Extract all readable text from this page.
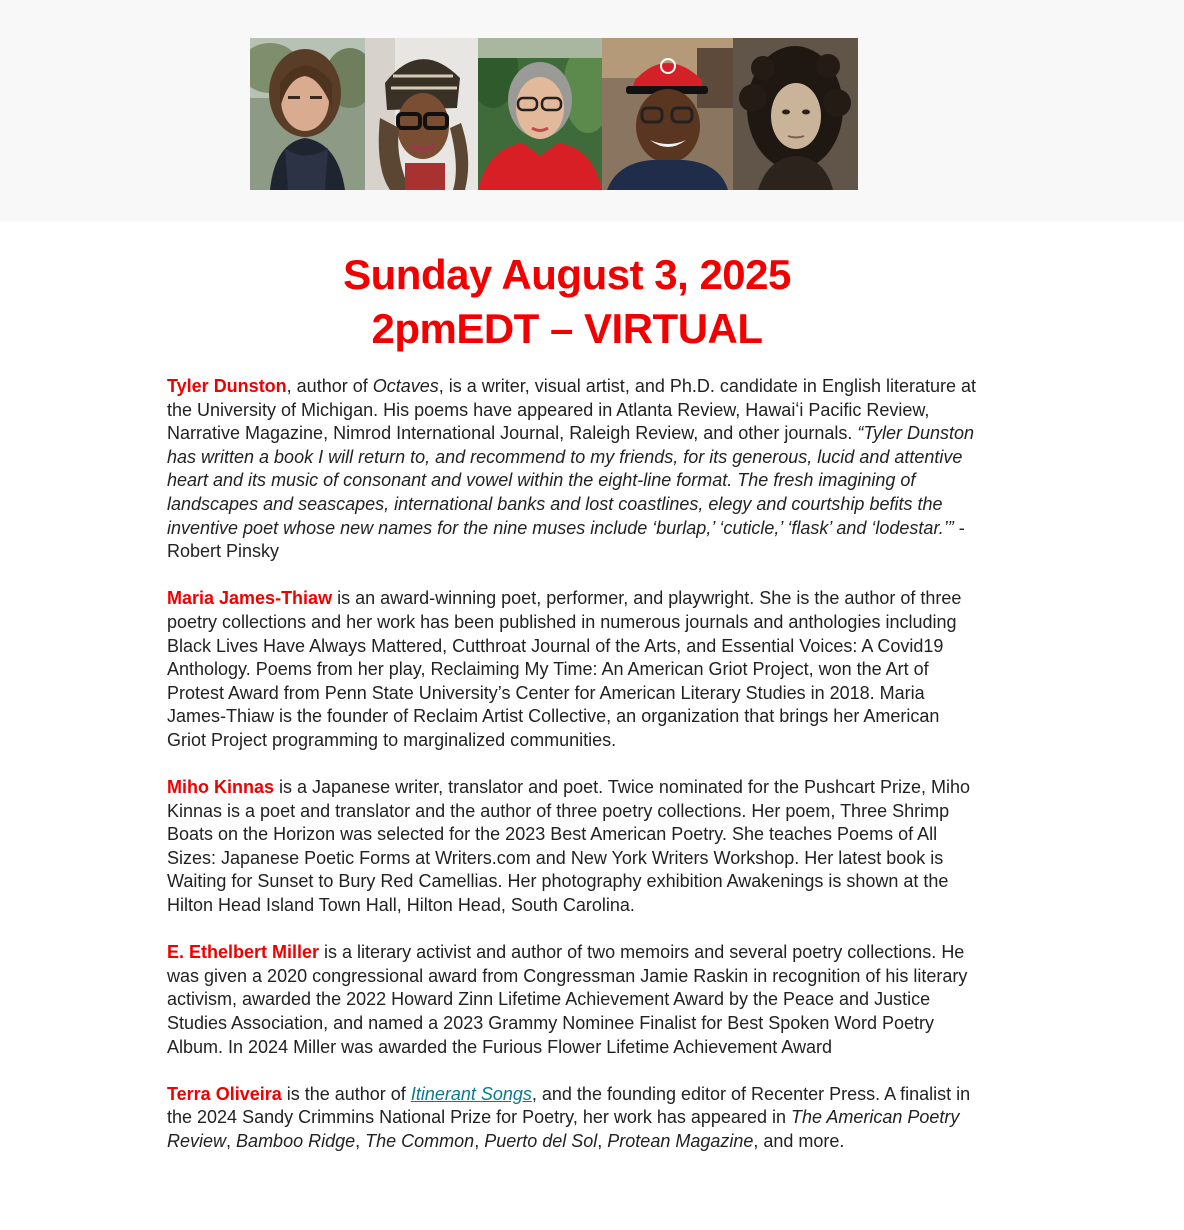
Sunday August 3, 2025
2pmEDT – VIRTUAL

Tyler Dunston, author of Octaves, is a writer, visual artist, and Ph.D. candidate in English literature at the University of Michigan. His poems have appeared in Atlanta Review, Hawaiʻi Pacific Review, Narrative Magazine, Nimrod International Journal, Raleigh Review, and other journals. “Tyler Dunston has written a book I will return to, and recommend to my friends, for its generous, lucid and attentive heart and its music of consonant and vowel within the eight-line format. The fresh imagining of landscapes and seascapes, international banks and lost coastlines, elegy and courtship befits the inventive poet whose new names for the nine muses include ‘burlap,’ ‘cuticle,’ ‘flask’ and ‘lodestar.’” - Robert Pinsky

Maria James-Thiaw is an award-winning poet, performer, and playwright. She is the author of three poetry collections and her work has been published in numerous journals and anthologies including Black Lives Have Always Mattered, Cutthroat Journal of the Arts, and Essential Voices: A Covid19 Anthology. Poems from her play, Reclaiming My Time: An American Griot Project, won the Art of Protest Award from Penn State University’s Center for American Literary Studies in 2018. Maria James-Thiaw is the founder of Reclaim Artist Collective, an organization that brings her American Griot Project programming to marginalized communities.

Miho Kinnas is a Japanese writer, translator and poet. Twice nominated for the Pushcart Prize, Miho Kinnas is a poet and translator and the author of three poetry collections. Her poem, Three Shrimp Boats on the Horizon was selected for the 2023 Best American Poetry. She teaches Poems of All Sizes: Japanese Poetic Forms at Writers.com and New York Writers Workshop. Her latest book is Waiting for Sunset to Bury Red Camellias. Her photography exhibition Awakenings is shown at the Hilton Head Island Town Hall, Hilton Head, South Carolina.

E. Ethelbert Miller is a literary activist and author of two memoirs and several poetry collections. He was given a 2020 congressional award from Congressman Jamie Raskin in recognition of his literary activism, awarded the 2022 Howard Zinn Lifetime Achievement Award by the Peace and Justice Studies Association, and named a 2023 Grammy Nominee Finalist for Best Spoken Word Poetry Album. In 2024 Miller was awarded the Furious Flower Lifetime Achievement Award

Terra Oliveira is the author of Itinerant Songs, and the founding editor of Recenter Press. A finalist in the 2024 Sandy Crimmins National Prize for Poetry, her work has appeared in The American Poetry Review, Bamboo Ridge, The Common, Puerto del Sol, Protean Magazine, and more.
